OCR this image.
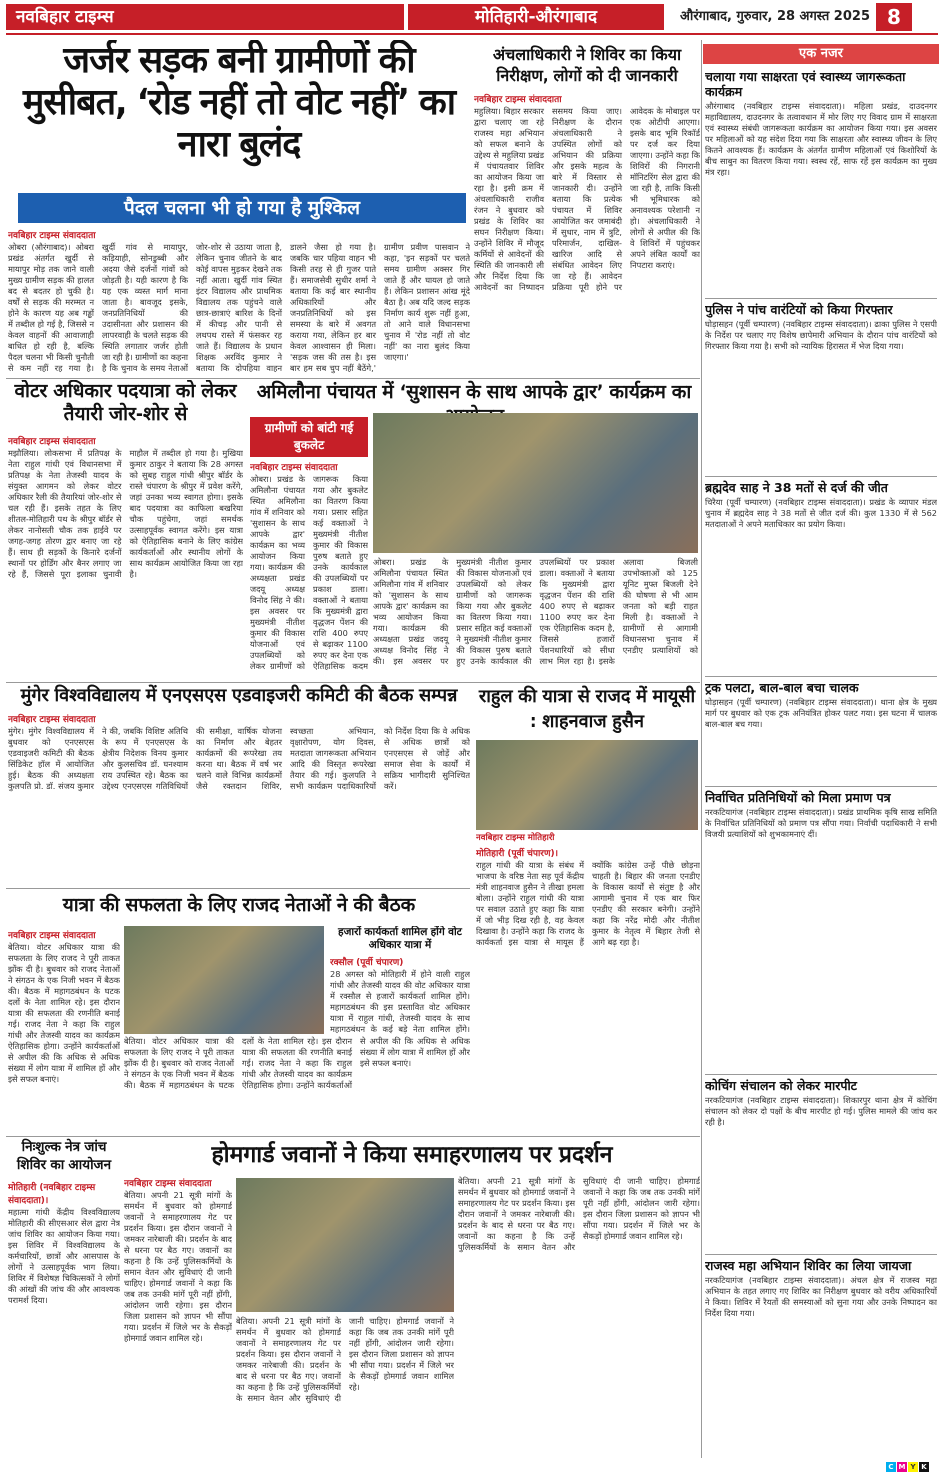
नवबिहार टाइम्स	मोतिहारी-औरंगाबाद	औरंगाबाद, गुरुवार, 28 अगस्त 2025 8
जर्जर सड़क बनी ग्रामीणों की मुसीबत, ‘रोड नहीं तो वोट नहीं’ का नारा बुलंद
पैदल चलना भी हो गया है मुश्किल
नवबिहार टाइम्स संवाददाता
ओबरा (औरंगाबाद)। ओबरा प्रखंड अंतर्गत खुर्दी से मायापुर मोड़ तक जाने वाली मुख्य ग्रामीण सड़क की हालत बद से बदतर हो चुकी है। वर्षों से सड़क की मरम्मत न होने के कारण यह अब गड्ढों में तब्दील हो गई है, जिससे न केवल वाहनों की आवाजाही बाधित हो रही है, बल्कि पैदल चलना भी किसी चुनौती से कम नहीं रह गया है। खुर्दी गांव से मायापुर, कड़ियाही, सोनडुब्बी और अदया जैसे दर्जनों गांवों को जोड़ती है। यही कारण है कि यह एक व्यस्त मार्ग माना जाता है। बावजूद इसके, जनप्रतिनिधियों की उदासीनता और प्रशासन की लापरवाही के चलते सड़क की स्थिति लगातार जर्जर होती जा रही है। ग्रामीणों का कहना है कि चुनाव के समय नेताओं जोर-शोर से उठाया जाता है, लेकिन चुनाव जीतने के बाद कोई वापस मुड़कर देखने तक नहीं आता। खुर्दी गांव स्थित इंटर विद्यालय और प्राथमिक विद्यालय तक पहुंचने वाले छात्र-छात्राएं बारिश के दिनों में कीचड़ और पानी से लथपथ रास्ते में फंसकर रह जाते हैं। विद्यालय के प्रधान शिक्षक अरविंद कुमार ने बताया कि दोपहिया वाहन डालने जैसा हो गया है। जबकि चार पहिया वाहन भी किसी तरह से ही गुजर पाते हैं। समाजसेवी सुधीर शर्मा ने बताया कि कई बार स्थानीय अधिकारियों और जनप्रतिनिधियों को इस समस्या के बारे में अवगत कराया गया, लेकिन हर बार केवल आश्वासन ही मिला। 'सड़क जस की तस है। इस बार हम सब चुप नहीं बैठेंगे,' ग्रामीण प्रवीण पासवान ने कहा, 'इन सड़कों पर चलते समय ग्रामीण अक्सर गिर जाते हैं और घायल हो जाते हैं। लेकिन प्रशासन आंख मूंदे बैठा है। अब यदि जल्द सड़क निर्माण कार्य शुरू नहीं हुआ, तो आने वाले विधानसभा चुनाव में 'रोड नहीं तो वोट नहीं' का नारा बुलंद किया जाएगा।'
अंचलाधिकारी ने शिविर का किया निरीक्षण, लोगों को दी जानकारी
नवबिहार टाइम्स संवाददाता
महुलिया। बिहार सरकार द्वारा चलाए जा रहे राजस्व महा अभियान को सफल बनाने के उद्देश्य से महुलिया प्रखंड में पंचायतवार शिविर का आयोजन किया जा रहा है। इसी क्रम में अंचलाधिकारी राजीव रंजन ने बुधवार को प्रखंड के शिविर का सघन निरीक्षण किया। उन्होंने शिविर में मौजूद कर्मियों से आवेदनों की स्थिति की जानकारी ली और निर्देश दिया कि आवेदनों का निष्पादन ससमय किया जाए। निरीक्षण के दौरान अंचलाधिकारी ने उपस्थित लोगों को अभियान की प्रक्रिया और इसके महत्व के बारे में विस्तार से जानकारी दी। उन्होंने बताया कि प्रत्येक पंचायत में शिविर आयोजित कर जमाबंदी में सुधार, नाम में त्रुटि, परिमार्जन, दाखिल-खारिज आदि से संबंधित आवेदन लिए जा रहे हैं। आवेदन प्रक्रिया पूरी होने पर आवेदक के मोबाइल पर एक ओटीपी आएगा। इसके बाद भूमि रिकॉर्ड पर दर्ज कर दिया जाएगा। उन्होंने कहा कि शिविरों की निगरानी मॉनिटरिंग सेल द्वारा की जा रही है, ताकि किसी भी भूमिधारक को अनावश्यक परेशानी न हो। अंचलाधिकारी ने लोगों से अपील की कि वे शिविरों में पहुंचकर अपने लंबित कार्यों का निपटारा कराएं।
वोटर अधिकार पदयात्रा को लेकर तैयारी जोर-शोर से
नवबिहार टाइम्स संवाददाता
मझौलिया। लोकसभा में प्रतिपक्ष के नेता राहुल गांधी एवं विधानसभा में प्रतिपक्ष के नेता तेजस्वी यादव के संयुक्त आगमन को लेकर वोटर अधिकार रैली की तैयारियां जोर-शोर से चल रही हैं। इसके तहत के लिए शीतल-मोतिहारी पथ के श्रीपुर बॉर्डर से लेकर नानोसती चौक तक हाईवे पर जगह-जगह तोरण द्वार बनाए जा रहे हैं। साथ ही सड़कों के किनारे दर्जनों स्थानों पर होर्डिंग और बैनर लगाए जा रहे हैं, जिससे पूरा इलाका चुनावी माहौल में तब्दील हो गया है। मुखिया कुमार ठाकुर ने बताया कि 28 अगस्त को सुबह राहुल गांधी श्रीपुर बॉर्डर के रास्ते चंपारण के श्रीपुर में प्रवेश करेंगे, जहां उनका भव्य स्वागत होगा। इसके बाद पदयात्रा का काफिला बखरिया चौक पहुंचेगा, जहां समर्थक उत्साहपूर्वक स्वागत करेंगे। इस यात्रा को ऐतिहासिक बनाने के लिए कांग्रेस कार्यकर्ताओं और स्थानीय लोगों के साथ कार्यक्रम आयोजित किया जा रहा है।
अमिलौना पंचायत में ‘सुशासन के साथ आपके द्वार’ कार्यक्रम का
ग्रामीणों को बांटी गई बुकलेट
नवबिहार टाइम्स संवाददाता
ओबरा। प्रखंड के अमिलौना पंचायत स्थित अमिलौना गांव में शनिवार को 'सुशासन के साथ आपके द्वार' कार्यक्रम का भव्य आयोजन किया गया। कार्यक्रम की अध्यक्षता प्रखंड जदयू अध्यक्ष विनोद सिंह ने की। इस अवसर पर मुख्यमंत्री नीतीश कुमार की विकास योजनाओं एवं उपलब्धियों को लेकर ग्रामीणों को जागरूक किया गया और बुकलेट का वितरण किया गया। प्रसार सहित कई वक्ताओं ने मुख्यमंत्री नीतीश कुमार की विकास पुरुष बताते हुए उनके कार्यकाल की उपलब्धियों पर प्रकाश डाला। वक्ताओं ने बताया कि मुख्यमंत्री द्वारा वृद्धजन पेंशन की राशि 400 रुपए से बढ़ाकर 1100 रुपए कर देना एक ऐतिहासिक कदम
ओबरा। प्रखंड के अमिलौना पंचायत स्थित अमिलौना गांव में शनिवार को 'सुशासन के साथ आपके द्वार' कार्यक्रम का भव्य आयोजन किया गया। कार्यक्रम की अध्यक्षता प्रखंड जदयू अध्यक्ष विनोद सिंह ने की। इस अवसर पर मुख्यमंत्री नीतीश कुमार की विकास योजनाओं एवं उपलब्धियों को लेकर ग्रामीणों को जागरूक किया गया और बुकलेट का वितरण किया गया। प्रसार सहित कई वक्ताओं ने मुख्यमंत्री नीतीश कुमार की विकास पुरुष बताते हुए उनके कार्यकाल की उपलब्धियों पर प्रकाश डाला। वक्ताओं ने बताया कि मुख्यमंत्री द्वारा वृद्धजन पेंशन की राशि 400 रुपए से बढ़ाकर 1100 रुपए कर देना एक ऐतिहासिक कदम है, जिससे हजारों पेंशनधारियों को सीधा लाभ मिल रहा है। इसके अलावा बिजली उपभोक्ताओं को 125 यूनिट मुफ्त बिजली देने की घोषणा से भी आम जनता को बड़ी राहत मिली है। वक्ताओं ने ग्रामीणों से आगामी विधानसभा चुनाव में एनडीए प्रत्याशियों को
मुंगेर विश्वविद्यालय में एनएसएस एडवाइजरी कमिटी की बैठक सम्पन्न
नवबिहार टाइम्स संवाददाता
मुंगेर। मुंगेर विश्वविद्यालय में बुधवार को एनएसएस एडवाइजरी कमिटी की बैठक सिंडिकेट हॉल में आयोजित हुई। बैठक की अध्यक्षता कुलपति प्रो. डॉ. संजय कुमार ने की, जबकि विशिष्ट अतिथि के रूप में एनएसएस के क्षेत्रीय निदेशक विनय कुमार और कुलसचिव डॉ. घनश्याम राय उपस्थित रहे। बैठक का उद्देश्य एनएसएस गतिविधियों की समीक्षा, वार्षिक योजना का निर्माण और बेहतर कार्यक्रमों की रूपरेखा तय करना था। बैठक में वर्ष भर चलने वाले विभिन्न कार्यक्रमों जैसे रक्तदान शिविर, स्वच्छता अभियान, वृक्षारोपण, योग दिवस, मतदाता जागरूकता अभियान आदि की विस्तृत रूपरेखा तैयार की गई। कुलपति ने सभी कार्यक्रम पदाधिकारियों को निर्देश दिया कि वे अधिक से अधिक छात्रों को एनएसएस से जोड़ें और समाज सेवा के कार्यों में सक्रिय भागीदारी सुनिश्चित करें।
राहुल की यात्रा से राजद में मायूसी : शाहनवाज हुसैन
नवबिहार टाइम्स मोतिहारी
यात्रा की सफलता के लिए राजद नेताओं ने की बैठक
नवबिहार टाइम्स संवाददाता
बेतिया। वोटर अधिकार यात्रा की सफलता के लिए राजद ने पूरी ताकत झोंक दी है। बुधवार को राजद नेताओं ने संगठन के एक निजी भवन में बैठक की। बैठक में महागठबंधन के घटक दलों के नेता शामिल रहे। इस दौरान यात्रा की सफलता की रणनीति बनाई गई। राजद नेता ने कहा कि राहुल गांधी और तेजस्वी यादव का कार्यक्रम ऐतिहासिक होगा। उन्होंने कार्यकर्ताओं से अपील की कि अधिक से अधिक संख्या में लोग यात्रा में शामिल हों और इसे सफल बनाएं।
बेतिया। वोटर अधिकार यात्रा की सफलता के लिए राजद ने पूरी ताकत झोंक दी है। बुधवार को राजद नेताओं ने संगठन के एक निजी भवन में बैठक की। बैठक में महागठबंधन के घटक दलों के नेता शामिल रहे। इस दौरान यात्रा की सफलता की रणनीति बनाई गई। राजद नेता ने कहा कि राहुल गांधी और तेजस्वी यादव का कार्यक्रम ऐतिहासिक होगा। उन्होंने कार्यकर्ताओं से अपील की कि अधिक से अधिक संख्या में लोग यात्रा में शामिल हों और इसे सफल बनाएं।
हजारों कार्यकर्ता शामिल होंगे वोट अधिकार यात्रा में
रक्सौल (पूर्वी चंपारण)
28 अगस्त को मोतिहारी में होने वाली राहुल गांधी और तेजस्वी यादव की वोट अधिकार यात्रा में रक्सौल से हजारों कार्यकर्ता शामिल होंगे। महागठबंधन की इस प्रस्तावित वोट अधिकार यात्रा में राहुल गांधी, तेजस्वी यादव के साथ महागठबंधन के कई बड़े नेता शामिल होंगे।
मोतिहारी (पूर्वी चंपारण)।
राहुल गांधी की यात्रा के संबंध में भाजपा के वरिष्ठ नेता सह पूर्व केंद्रीय मंत्री शाहनवाज हुसैन ने तीखा हमला बोला। उन्होंने राहुल गांधी की यात्रा पर सवाल उठाते हुए कहा कि यात्रा में जो भीड़ दिख रही है, वह केवल दिखावा है। उन्होंने कहा कि राजद के कार्यकर्ता इस यात्रा से मायूस हैं क्योंकि कांग्रेस उन्हें पीछे छोड़ना चाहती है। बिहार की जनता एनडीए के विकास कार्यों से संतुष्ट है और आगामी चुनाव में एक बार फिर एनडीए की सरकार बनेगी। उन्होंने कहा कि नरेंद्र मोदी और नीतीश कुमार के नेतृत्व में बिहार तेजी से आगे बढ़ रहा है।
निःशुल्क नेत्र जांच शिविर का आयोजन
मोतिहारी (नवबिहार टाइम्स संवाददाता)।
महात्मा गांधी केंद्रीय विश्वविद्यालय मोतिहारी की सीएसआर सेल द्वारा नेत्र जांच शिविर का आयोजन किया गया। इस शिविर में विश्वविद्यालय के कर्मचारियों, छात्रों और आसपास के लोगों ने उत्साहपूर्वक भाग लिया। शिविर में विशेषज्ञ चिकित्सकों ने लोगों की आंखों की जांच की और आवश्यक परामर्श दिया।
होमगार्ड जवानों ने किया समाहरणालय पर प्रदर्शन
नवबिहार टाइम्स संवाददाता
बेतिया। अपनी 21 सूत्री मांगों के समर्थन में बुधवार को होमगार्ड जवानों ने समाहरणालय गेट पर प्रदर्शन किया। इस दौरान जवानों ने जमकर नारेबाजी की। प्रदर्शन के बाद से धरना पर बैठ गए। जवानों का कहना है कि उन्हें पुलिसकर्मियों के समान वेतन और सुविधाएं दी जानी चाहिए। होमगार्ड जवानों ने कहा कि जब तक उनकी मांगें पूरी नहीं होंगी, आंदोलन जारी रहेगा। इस दौरान जिला प्रशासन को ज्ञापन भी सौंपा गया। प्रदर्शन में जिले भर के सैकड़ों होमगार्ड जवान शामिल रहे।
बेतिया। अपनी 21 सूत्री मांगों के समर्थन में बुधवार को होमगार्ड जवानों ने समाहरणालय गेट पर प्रदर्शन किया। इस दौरान जवानों ने जमकर नारेबाजी की। प्रदर्शन के बाद से धरना पर बैठ गए। जवानों का कहना है कि उन्हें पुलिसकर्मियों के समान वेतन और सुविधाएं दी जानी चाहिए। होमगार्ड जवानों ने कहा कि जब तक उनकी मांगें पूरी नहीं होंगी, आंदोलन जारी रहेगा। इस दौरान जिला प्रशासन को ज्ञापन भी सौंपा गया। प्रदर्शन में जिले भर के सैकड़ों होमगार्ड जवान शामिल रहे।
बेतिया। अपनी 21 सूत्री मांगों के समर्थन में बुधवार को होमगार्ड जवानों ने समाहरणालय गेट पर प्रदर्शन किया। इस दौरान जवानों ने जमकर नारेबाजी की। प्रदर्शन के बाद से धरना पर बैठ गए। जवानों का कहना है कि उन्हें पुलिसकर्मियों के समान वेतन और सुविधाएं दी जानी चाहिए। होमगार्ड जवानों ने कहा कि जब तक उनकी मांगें पूरी नहीं होंगी, आंदोलन जारी रहेगा। इस दौरान जिला प्रशासन को ज्ञापन भी सौंपा गया। प्रदर्शन में जिले भर के सैकड़ों होमगार्ड जवान शामिल रहे।
एक नजर
चलाया गया साक्षरता एवं स्वास्थ्य जागरूकता कार्यक्रम
औरंगाबाद (नवबिहार टाइम्स संवाददाता)। महिला प्रखंड, दाउदनगर महाविद्यालय, दाउदनगर के तत्वावधान में मोर लिए गए विवाद ग्राम में साक्षरता एवं स्वास्थ्य संबंधी जागरूकता कार्यक्रम का आयोजन किया गया। इस अवसर पर महिलाओं को यह संदेश दिया गया कि साक्षरता और स्वास्थ्य जीवन के लिए कितने आवश्यक हैं। कार्यक्रम के अंतर्गत ग्रामीण महिलाओं एवं किशोरियों के बीच साबुन का वितरण किया गया। स्वस्थ रहें, साफ रहें इस कार्यक्रम का मुख्य मंत्र रहा।
पुलिस ने पांच वारंटियों को किया गिरफ्तार
घोड़ासहन (पूर्वी चम्पारण) (नवबिहार टाइम्स संवाददाता)। ढाका पुलिस ने एसपी के निर्देश पर चलाए गए विशेष छापेमारी अभियान के दौरान पांच वारंटियों को गिरफ्तार किया गया है। सभी को न्यायिक हिरासत में भेज दिया गया।
ब्रह्मदेव साह ने 38 मतों से दर्ज की जीत
चिरैया (पूर्वी चम्पारण) (नवबिहार टाइम्स संवाददाता)। प्रखंड के व्यापार मंडल चुनाव में ब्रह्मदेव साह ने 38 मतों से जीत दर्ज की। कुल 1330 में से 562 मतदाताओं ने अपने मताधिकार का प्रयोग किया।
ट्रक पलटा, बाल-बाल बचा चालक
घोड़ासहन (पूर्वी चम्पारण) (नवबिहार टाइम्स संवाददाता)। थाना क्षेत्र के मुख्य मार्ग पर बुधवार को एक ट्रक अनियंत्रित होकर पलट गया। इस घटना में चालक बाल-बाल बच गया।
निर्वाचित प्रतिनिधियों को मिला प्रमाण पत्र
नरकटियागंज (नवबिहार टाइम्स संवाददाता)। प्रखंड प्राथमिक कृषि साख समिति के निर्वाचित प्रतिनिधियों को प्रमाण पत्र सौंपा गया। निर्वाची पदाधिकारी ने सभी विजयी प्रत्याशियों को शुभकामनाएं दीं।
कोचिंग संचालन को लेकर मारपीट
नरकटियागंज (नवबिहार टाइम्स संवाददाता)। शिकारपुर थाना क्षेत्र में कोचिंग संचालन को लेकर दो पक्षों के बीच मारपीट हो गई। पुलिस मामले की जांच कर रही है।
राजस्व महा अभियान शिविर का लिया जायजा
नरकटियागंज (नवबिहार टाइम्स संवाददाता)। अंचल क्षेत्र में राजस्व महा अभियान के तहत लगाए गए शिविर का निरीक्षण बुधवार को वरीय अधिकारियों ने किया। शिविर में रैयतों की समस्याओं को सुना गया और उनके निष्पादन का निर्देश दिया गया।
C M Y K
